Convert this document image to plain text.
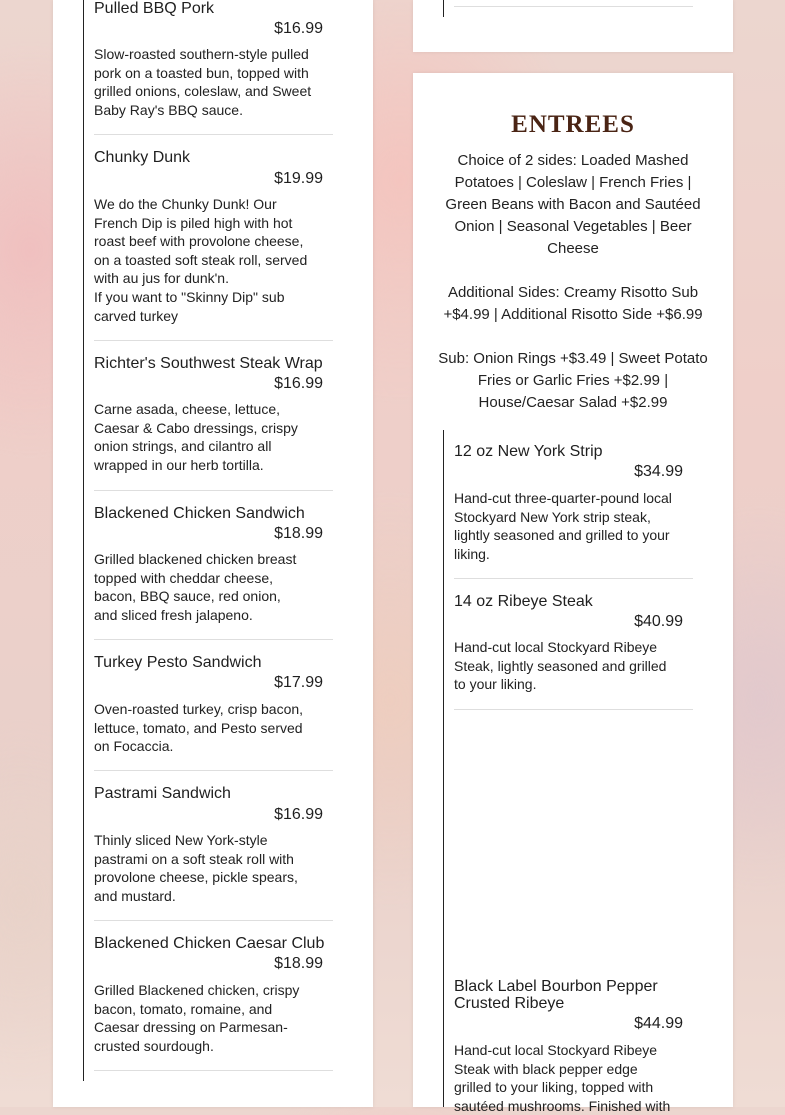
Pulled BBQ Pork
$16.99
Slow-roasted southern-style pulled pork on a toasted bun, topped with grilled onions, coleslaw, and Sweet Baby Ray's BBQ sauce.
Chunky Dunk
$19.99
We do the Chunky Dunk! Our French Dip is piled high with hot roast beef with provolone cheese, on a toasted soft steak roll, served with au jus for dunk'n.
If you want to "Skinny Dip" sub carved turkey
Richter's Southwest Steak Wrap
$16.99
Carne asada, cheese, lettuce, Caesar & Cabo dressings, crispy onion strings, and cilantro all wrapped in our herb tortilla.
Blackened Chicken Sandwich
$18.99
Grilled blackened chicken breast topped with cheddar cheese, bacon, BBQ sauce, red onion, and sliced fresh jalapeno.
Turkey Pesto Sandwich
$17.99
Oven-roasted turkey, crisp bacon, lettuce, tomato, and Pesto served on Focaccia.
Pastrami Sandwich
$16.99
Thinly sliced New York-style pastrami on a soft steak roll with provolone cheese, pickle spears, and mustard.
Blackened Chicken Caesar Club
$18.99
Grilled Blackened chicken, crispy bacon, tomato, romaine, and Caesar dressing on Parmesan-crusted sourdough.
ENTREES
Choice of 2 sides: Loaded Mashed Potatoes | Coleslaw | French Fries | Green Beans with Bacon and Sautéed Onion | Seasonal Vegetables | Beer Cheese
Additional Sides: Creamy Risotto Sub +$4.99 | Additional Risotto Side +$6.99
Sub: Onion Rings +$3.49 | Sweet Potato Fries or Garlic Fries +$2.99 | House/Caesar Salad +$2.99
12 oz New York Strip
$34.99
Hand-cut three-quarter-pound local Stockyard New York strip steak, lightly seasoned and grilled to your liking.
14 oz Ribeye Steak
$40.99
Hand-cut local Stockyard Ribeye Steak, lightly seasoned and grilled to your liking.
Black Label Bourbon Pepper Crusted Ribeye
$44.99
Hand-cut local Stockyard Ribeye Steak with black pepper edge grilled to your liking, topped with sautéed mushrooms. Finished with
